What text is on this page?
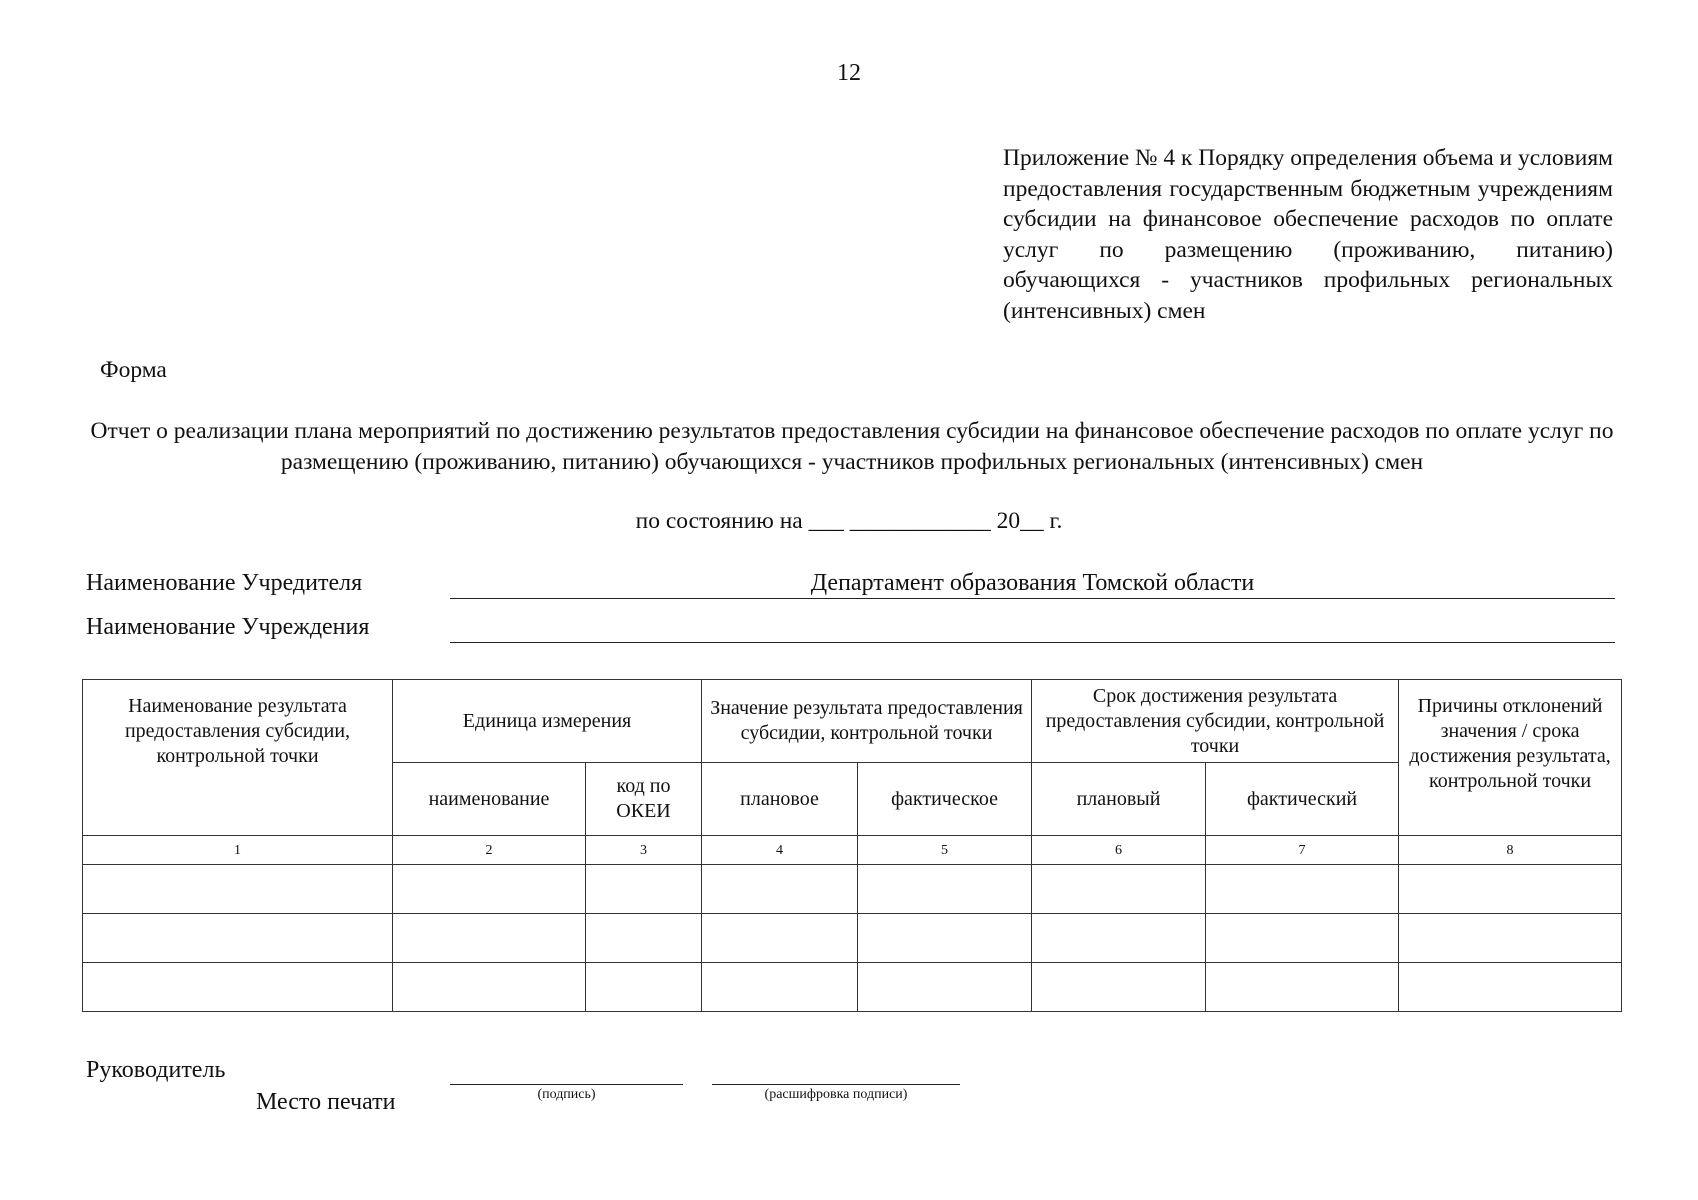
12
Приложение № 4 к Порядку определения объема и условиям предоставления государственным бюджетным учреждениям субсидии на финансовое обеспечение расходов по оплате услуг по размещению (проживанию, питанию) обучающихся - участников профильных региональных (интенсивных) смен
Форма
Отчет о реализации плана мероприятий по достижению результатов предоставления субсидии на финансовое обеспечение расходов по оплате услуг по размещению (проживанию, питанию) обучающихся - участников профильных региональных (интенсивных) смен
по состоянию на ___ ____________ 20__ г.
Наименование Учредителя	Департамент образования Томской области
Наименование Учреждения
Наименование результата предоставления субсидии, контрольной точки	Единица измерения		Значение результата предоставления субсидии, контрольной точки		Срок достижения результата предоставления субсидии, контрольной точки		Причины отклонений значения / срока достижения результата, контрольной точки
	наименование	код по ОКЕИ	плановое	фактическое	плановый	фактический	
1	2	3	4	5	6	7	8

Руководитель
Место печати	(подпись)	(расшифровка подписи)
